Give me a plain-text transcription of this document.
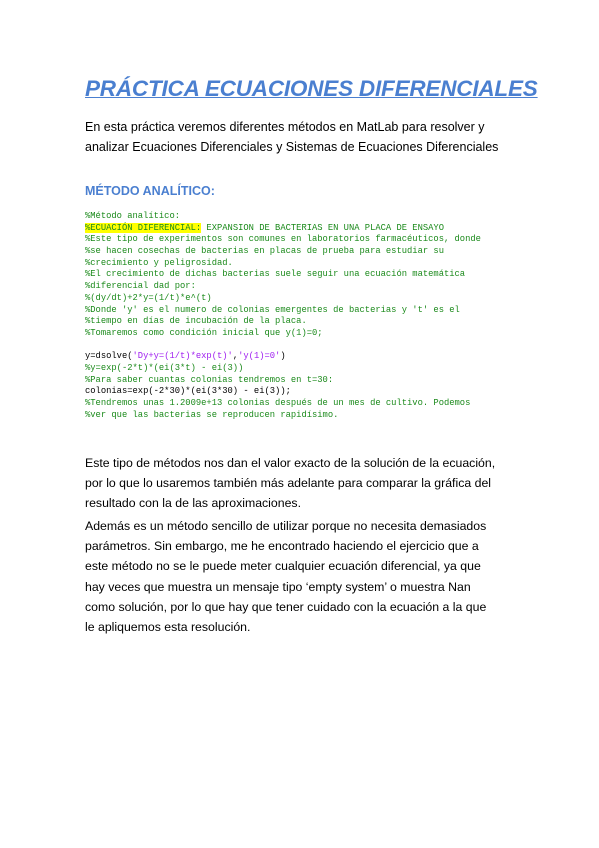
PRÁCTICA ECUACIONES DIFERENCIALES
En esta práctica veremos diferentes métodos en MatLab para resolver y
analizar Ecuaciones Diferenciales y Sistemas de Ecuaciones Diferenciales
MÉTODO ANALÍTICO:
%Método analítico:
%ECUACIÓN DIFERENCIAL: EXPANSION DE BACTERIAS EN UNA PLACA DE ENSAYO
%Este tipo de experimentos son comunes en laboratorios farmacéuticos, donde
%se hacen cosechas de bacterias en placas de prueba para estudiar su
%crecimiento y peligrosidad.
%El crecimiento de dichas bacterias suele seguir una ecuación matemática
%diferencial dad por:
%(dy/dt)+2*y=(1/t)*e^(t)
%Donde 'y' es el numero de colonias emergentes de bacterias y 't' es el
%tiempo en días de incubación de la placa.
%Tomaremos como condición inicial que y(1)=0;
y=dsolve('Dy+y=(1/t)*exp(t)','y(1)=0')
%y=exp(-2*t)*(ei(3*t) - ei(3))
%Para saber cuantas colonias tendremos en t=30:
colonias=exp(-2*30)*(ei(3*30) - ei(3));
%Tendremos unas 1.2009e+13 colonias después de un mes de cultivo. Podemos
%ver que las bacterias se reproducen rapidísimo.
Este tipo de métodos nos dan el valor exacto de la solución de la ecuación,
por lo que lo usaremos también más adelante para comparar la gráfica del
resultado con la de las aproximaciones.
Además es un método sencillo de utilizar porque no necesita demasiados
parámetros. Sin embargo, me he encontrado haciendo el ejercicio que a
este método no se le puede meter cualquier ecuación diferencial, ya que
hay veces que muestra un mensaje tipo ‘empty system’ o muestra Nan
como solución, por lo que hay que tener cuidado con la ecuación a la que
le apliquemos esta resolución.
